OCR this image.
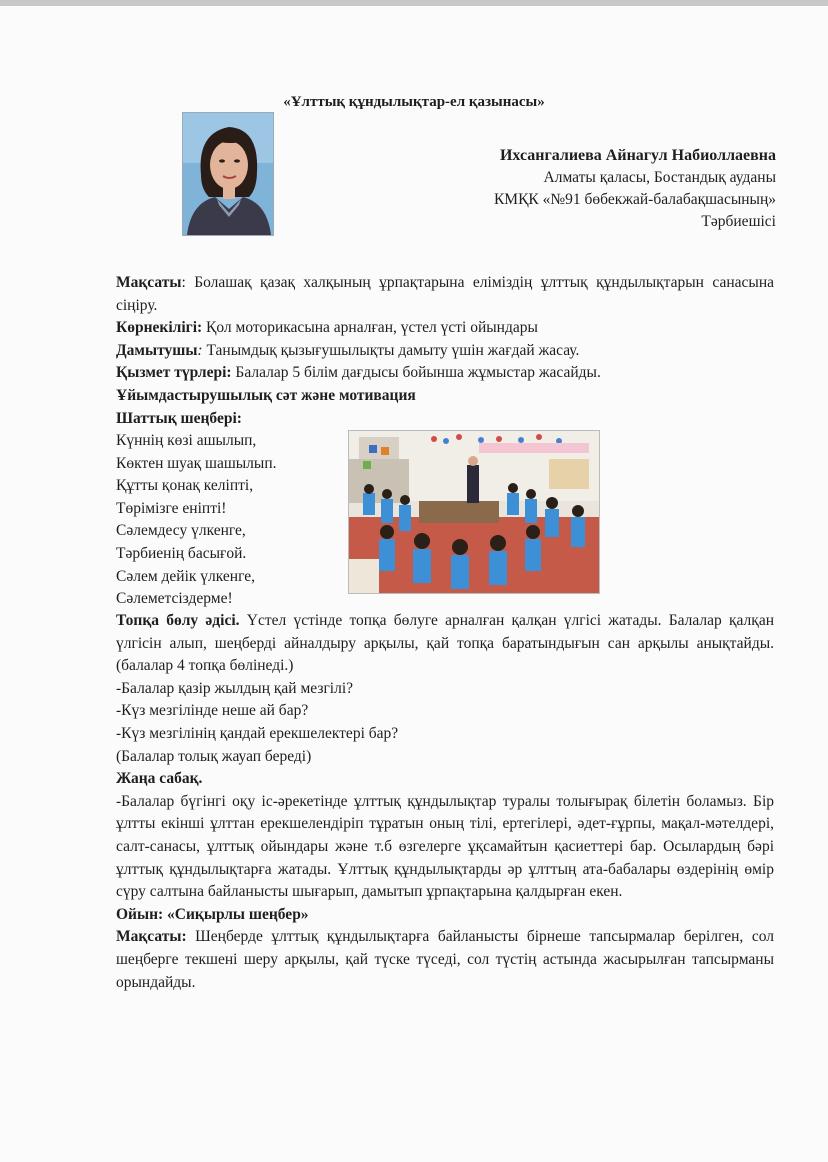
«Ұлттық құндылықтар-ел қазынасы»
Ихсангалиева Айнагул Набиоллаевна
Алматы қаласы, Бостандық ауданы
КМҚК «№91 бөбекжай-балабақшасының»
Тәрбиешісі

Мақсаты: Болашақ қазақ халқының ұрпақтарына еліміздің ұлттық құндылықтарын санасына сіңіру.

Көрнекілігі: Қол моторикасына арналған, үстел үсті ойындары

Дамытушы: Танымдық қызығушылықты дамыту үшін жағдай жасау.

Қызмет түрлері: Балалар 5 білім дағдысы бойынша жұмыстар жасайды.

Ұйымдастырушылық сәт және мотивация

Шаттық шеңбері:

Күннің көзі ашылып,

Көктен шуақ шашылып.

Құтты қонақ келіпті,

Төрімізге еніпті!

Сәлемдесу үлкенге,

Тәрбиенің басығой.

Сәлем дейік үлкенге,

Сәлеметсіздерме!

Топқа бөлу әдісі. Үстел үстінде топқа бөлуге арналған қалқан үлгісі жатады. Балалар қалқан үлгісін алып, шеңберді айналдыру арқылы, қай топқа баратындығын сан арқылы анықтайды.(балалар 4 топқа бөлінеді.)

-Балалар қазір жылдың қай мезгілі?

-Күз мезгілінде неше ай бар?

-Күз мезгілінің қандай ерекшелектері бар?

(Балалар толық жауап береді)

Жаңа сабақ.

-Балалар бүгінгі оқу іс-әрекетінде ұлттық құндылықтар туралы толығырақ білетін боламыз. Бір ұлтты екінші ұлттан ерекшелендіріп тұратын оның тілі, ертегілері, әдет-ғұрпы, мақал-мәтелдері, салт-санасы, ұлттық ойындары және т.б өзгелерге ұқсамайтын қасиеттері бар. Осылардың бәрі ұлттық құндылықтарға жатады. Ұлттық құндылықтарды әр ұлттың ата-бабалары өздерінің өмір сүру салтына байланысты шығарып, дамытып ұрпақтарына қалдырған екен.

Ойын: «Сиқырлы шеңбер»

Мақсаты: Шеңберде ұлттық құндылықтарға байланысты бірнеше тапсырмалар берілген, сол шеңберге текшені шеру арқылы, қай түске түседі, сол түстің астында жасырылған тапсырманы орындайды.
